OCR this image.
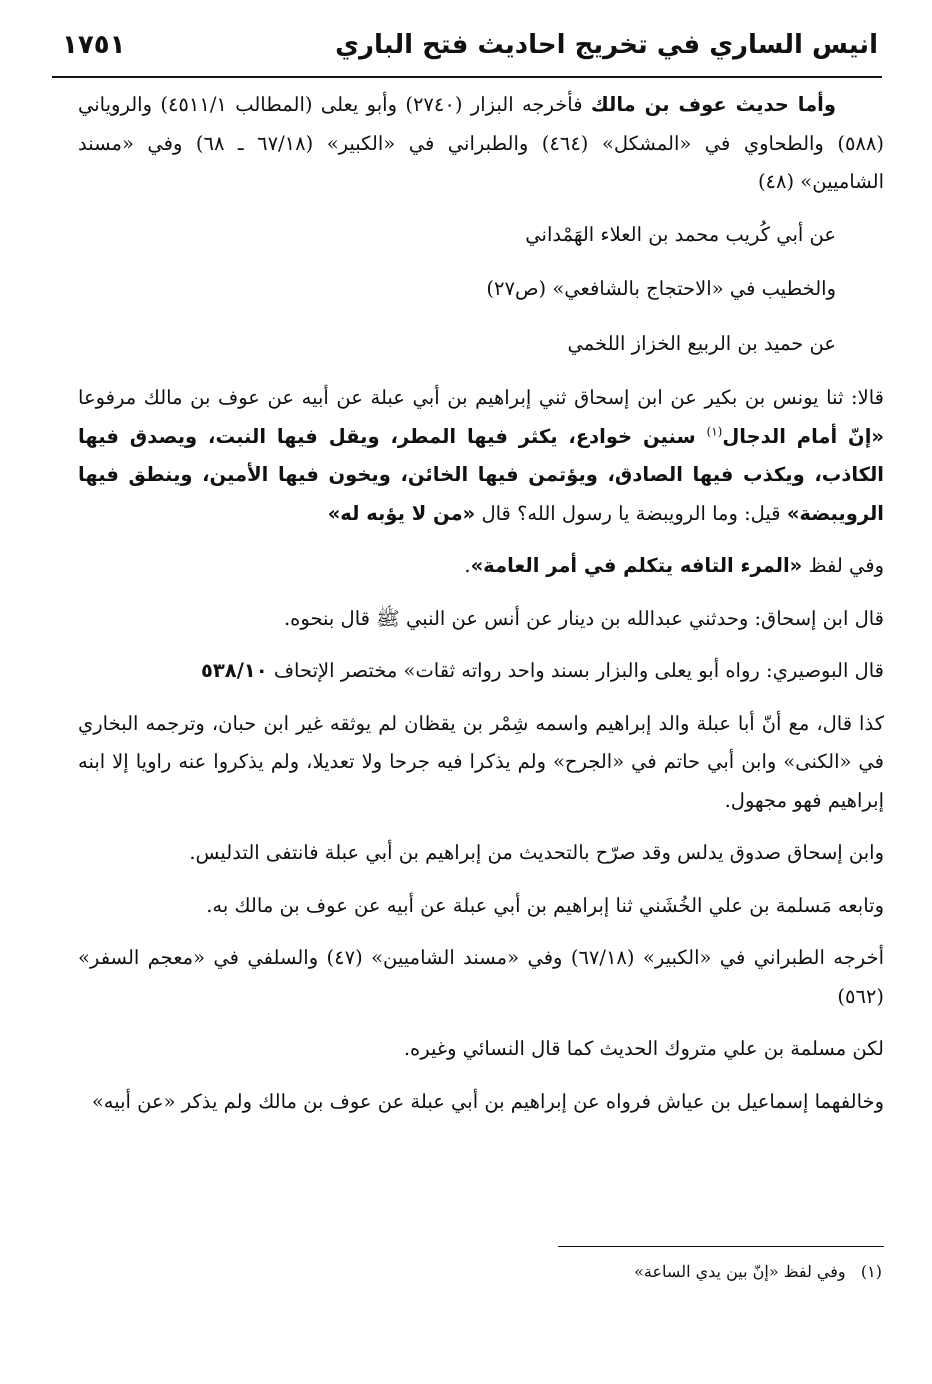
انيس الساري في تخريج احاديث فتح الباري
١٧٥١

وأما حديث عوف بن مالك فأخرجه البزار (٢٧٤٠) وأبو يعلى (المطالب ٤٥١١/١) والروياني (٥٨٨) والطحاوي في «المشكل» (٤٦٤) والطبراني في «الكبير» (٦٧/١٨ ـ ٦٨) وفي «مسند الشاميين» (٤٨)

عن أبي كُريب محمد بن العلاء الهَمْداني

والخطيب في «الاحتجاج بالشافعي» (ص٢٧)

عن حميد بن الربيع الخزاز اللخمي

قالا: ثنا يونس بن بكير عن ابن إسحاق ثني إبراهيم بن أبي عبلة عن أبيه عن عوف بن مالك مرفوعا «إنّ أمام الدجال$^{(١)}$ سنين خوادع، يكثر فيها المطر، ويقل فيها النبت، ويصدق فيها الكاذب، ويكذب فيها الصادق، ويؤتمن فيها الخائن، ويخون فيها الأمين، وينطق فيها الرويبضة» قيل: وما الرويبضة يا رسول الله؟ قال «من لا يؤبه له»

وفي لفظ «المرء التافه يتكلم في أمر العامة».

قال ابن إسحاق: وحدثني عبدالله بن دينار عن أنس عن النبي ﷺ قال بنحوه.

قال البوصيري: رواه أبو يعلى والبزار بسند واحد رواته ثقات» مختصر الإتحاف ٥٣٨/١٠

كذا قال، مع أنّ أبا عبلة والد إبراهيم واسمه شِمْر بن يقظان لم يوثقه غير ابن حبان، وترجمه البخاري في «الكنى» وابن أبي حاتم في «الجرح» ولم يذكرا فيه جرحا ولا تعديلا، ولم يذكروا عنه راويا إلا ابنه إبراهيم فهو مجهول.

وابن إسحاق صدوق يدلس وقد صرّح بالتحديث من إبراهيم بن أبي عبلة فانتفى التدليس.

وتابعه مَسلمة بن علي الخُشَني ثنا إبراهيم بن أبي عبلة عن أبيه عن عوف بن مالك به.

أخرجه الطبراني في «الكبير» (٦٧/١٨) وفي «مسند الشاميين» (٤٧) والسلفي في «معجم السفر» (٥٦٢)

لكن مسلمة بن علي متروك الحديث كما قال النسائي وغيره.

وخالفهما إسماعيل بن عياش فرواه عن إبراهيم بن أبي عبلة عن عوف بن مالك ولم يذكر «عن أبيه»

(١)   وفي لفظ «إنّ بين يدي الساعة»
